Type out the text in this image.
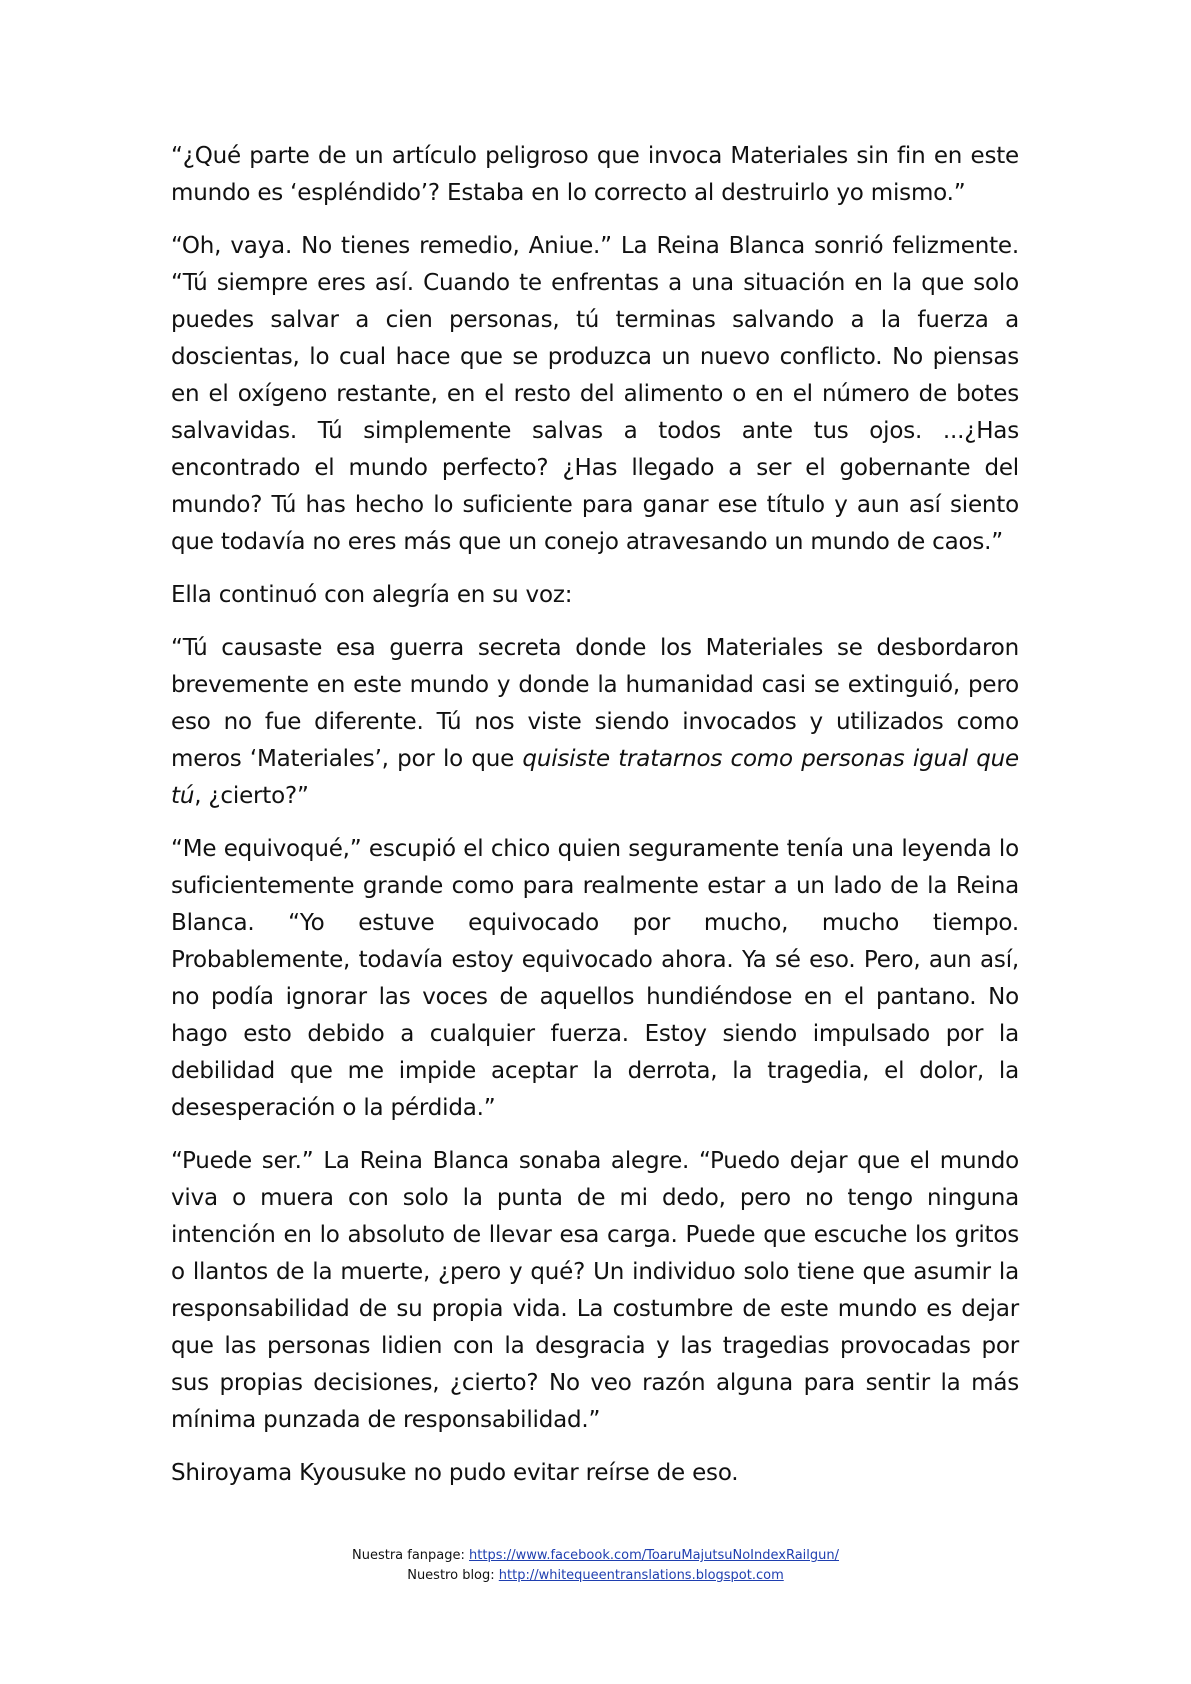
“¿Qué parte de un artículo peligroso que invoca Materiales sin fin en este mundo es ‘espléndido’? Estaba en lo correcto al destruirlo yo mismo.”

“Oh, vaya. No tienes remedio, Aniue.” La Reina Blanca sonrió felizmente. “Tú siempre eres así. Cuando te enfrentas a una situación en la que solo puedes salvar a cien personas, tú terminas salvando a la fuerza a doscientas, lo cual hace que se produzca un nuevo conflicto. No piensas en el oxígeno restante, en el resto del alimento o en el número de botes salvavidas. Tú simplemente salvas a todos ante tus ojos. ...¿Has encontrado el mundo perfecto? ¿Has llegado a ser el gobernante del mundo? Tú has hecho lo suficiente para ganar ese título y aun así siento que todavía no eres más que un conejo atravesando un mundo de caos.”

Ella continuó con alegría en su voz:

“Tú causaste esa guerra secreta donde los Materiales se desbordaron brevemente en este mundo y donde la humanidad casi se extinguió, pero eso no fue diferente. Tú nos viste siendo invocados y utilizados como meros ‘Materiales’, por lo que quisiste tratarnos como personas igual que tú, ¿cierto?”

“Me equivoqué,” escupió el chico quien seguramente tenía una leyenda lo suficientemente grande como para realmente estar a un lado de la Reina Blanca. “Yo estuve equivocado por mucho, mucho tiempo. Probablemente, todavía estoy equivocado ahora. Ya sé eso. Pero, aun así, no podía ignorar las voces de aquellos hundiéndose en el pantano. No hago esto debido a cualquier fuerza. Estoy siendo impulsado por la debilidad que me impide aceptar la derrota, la tragedia, el dolor, la desesperación o la pérdida.”

“Puede ser.” La Reina Blanca sonaba alegre. “Puedo dejar que el mundo viva o muera con solo la punta de mi dedo, pero no tengo ninguna intención en lo absoluto de llevar esa carga. Puede que escuche los gritos o llantos de la muerte, ¿pero y qué? Un individuo solo tiene que asumir la responsabilidad de su propia vida. La costumbre de este mundo es dejar que las personas lidien con la desgracia y las tragedias provocadas por sus propias decisiones, ¿cierto? No veo razón alguna para sentir la más mínima punzada de responsabilidad.”

Shiroyama Kyousuke no pudo evitar reírse de eso.

Nuestra fanpage: https://www.facebook.com/ToaruMajutsuNoIndexRailgun/
Nuestro blog: http://whitequeentranslations.blogspot.com
